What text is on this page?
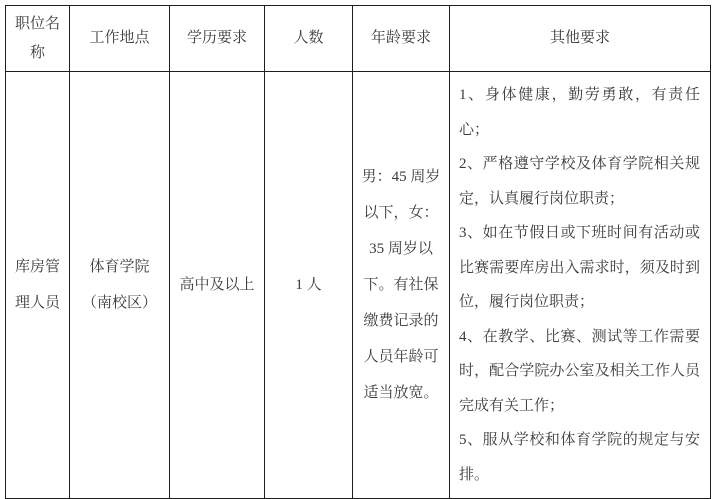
职位名称	工作地点	学历要求	人数	年龄要求	其他要求
库房管理人员	体育学院（南校区）	高中及以上	1 人	男：45 周岁以下，女：35 周岁以下。有社保缴费记录的人员年龄可适当放宽。	1、身体健康，勤劳勇敢，有责任心；

2、严格遵守学校及体育学院相关规定，认真履行岗位职责；

3、如在节假日或下班时间有活动或比赛需要库房出入需求时，须及时到位，履行岗位职责；

4、在教学、比赛、测试等工作需要时，配合学院办公室及相关工作人员完成有关工作；

5、服从学校和体育学院的规定与安排。
